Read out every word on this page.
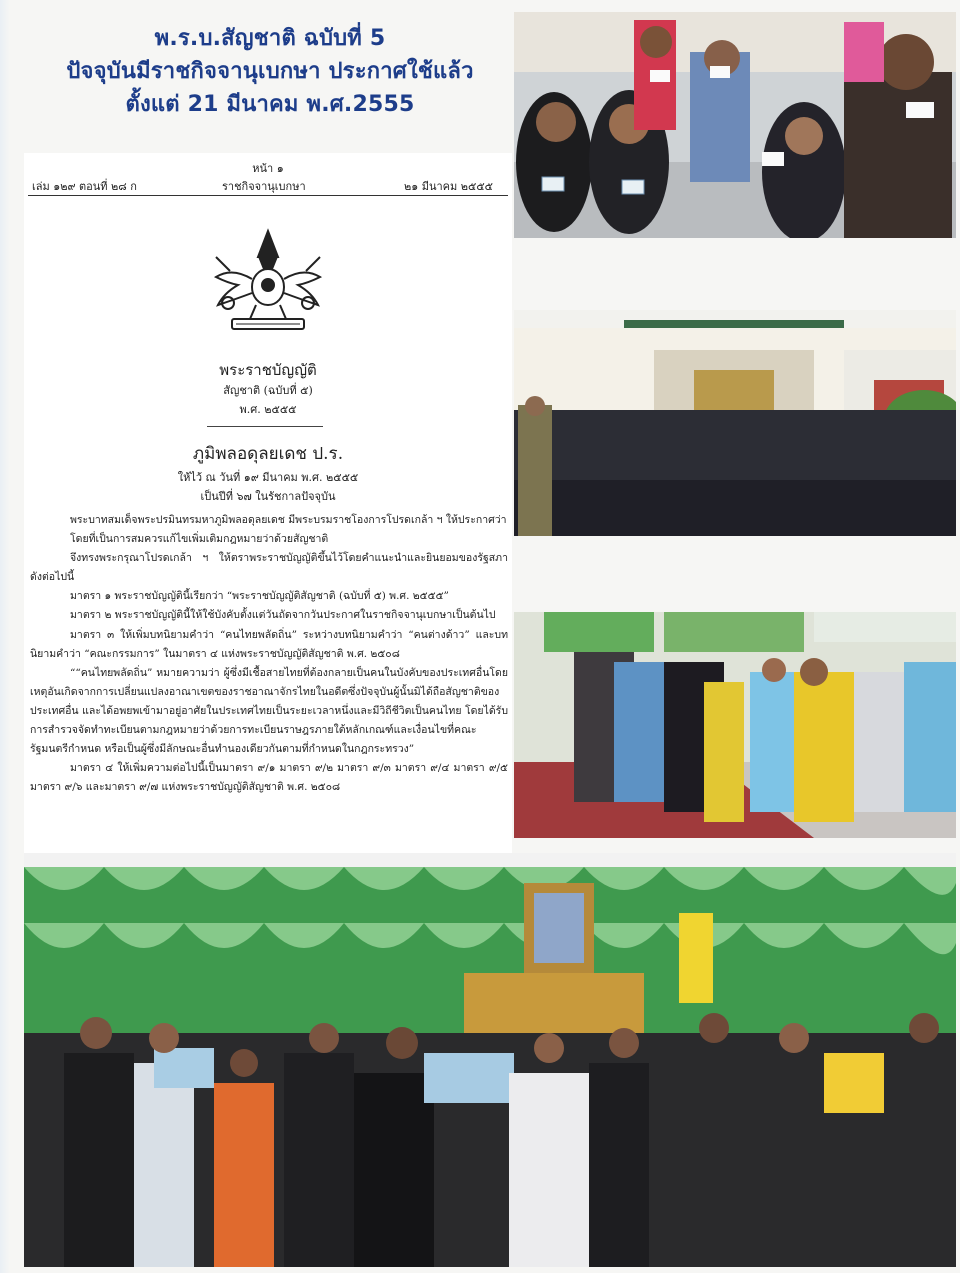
พ.ร.บ.สัญชาติ ฉบับที่ 5
ปัจจุบันมีราชกิจจานุเบกษา ประกาศใช้แล้ว
ตั้งแต่ 21 มีนาคม พ.ศ.2555
หน้า ๑
เล่ม ๑๒๙ ตอนที่ ๒๘ ก	ราชกิจจานุเบกษา	๒๑ มีนาคม ๒๕๕๕
พระราชบัญญัติ
สัญชาติ (ฉบับที่ ๕)
พ.ศ. ๒๕๕๕
ภูมิพลอดุลยเดช ป.ร.
ให้ไว้ ณ วันที่ ๑๙ มีนาคม พ.ศ. ๒๕๕๕
เป็นปีที่ ๖๗ ในรัชกาลปัจจุบัน

พระบาทสมเด็จพระปรมินทรมหาภูมิพลอดุลยเดช มีพระบรมราชโองการโปรดเกล้า ฯ ให้ประกาศว่า

โดยที่เป็นการสมควรแก้ไขเพิ่มเติมกฎหมายว่าด้วยสัญชาติ

จึงทรงพระกรุณาโปรดเกล้า ฯ ให้ตราพระราชบัญญัติขึ้นไว้โดยคำแนะนำและยินยอมของรัฐสภา ดังต่อไปนี้

มาตรา ๑ พระราชบัญญัตินี้เรียกว่า “พระราชบัญญัติสัญชาติ (ฉบับที่ ๕) พ.ศ. ๒๕๕๕”

มาตรา ๒ พระราชบัญญัตินี้ให้ใช้บังคับตั้งแต่วันถัดจากวันประกาศในราชกิจจานุเบกษาเป็นต้นไป

มาตรา ๓ ให้เพิ่มบทนิยามคำว่า “คนไทยพลัดถิ่น” ระหว่างบทนิยามคำว่า “คนต่างด้าว” และบทนิยามคำว่า “คณะกรรมการ” ในมาตรา ๔ แห่งพระราชบัญญัติสัญชาติ พ.ศ. ๒๕๐๘

““คนไทยพลัดถิ่น” หมายความว่า ผู้ซึ่งมีเชื้อสายไทยที่ต้องกลายเป็นคนในบังคับของประเทศอื่นโดยเหตุอันเกิดจากการเปลี่ยนแปลงอาณาเขตของราชอาณาจักรไทยในอดีตซึ่งปัจจุบันผู้นั้นมิได้ถือสัญชาติของประเทศอื่น และได้อพยพเข้ามาอยู่อาศัยในประเทศไทยเป็นระยะเวลาหนึ่งและมีวิถีชีวิตเป็นคนไทย โดยได้รับการสำรวจจัดทำทะเบียนตามกฎหมายว่าด้วยการทะเบียนราษฎรภายใต้หลักเกณฑ์และเงื่อนไขที่คณะรัฐมนตรีกำหนด หรือเป็นผู้ซึ่งมีลักษณะอื่นทำนองเดียวกันตามที่กำหนดในกฎกระทรวง”

มาตรา ๔ ให้เพิ่มความต่อไปนี้เป็นมาตรา ๙/๑ มาตรา ๙/๒ มาตรา ๙/๓ มาตรา ๙/๔ มาตรา ๙/๕ มาตรา ๙/๖ และมาตรา ๙/๗ แห่งพระราชบัญญัติสัญชาติ พ.ศ. ๒๕๐๘
